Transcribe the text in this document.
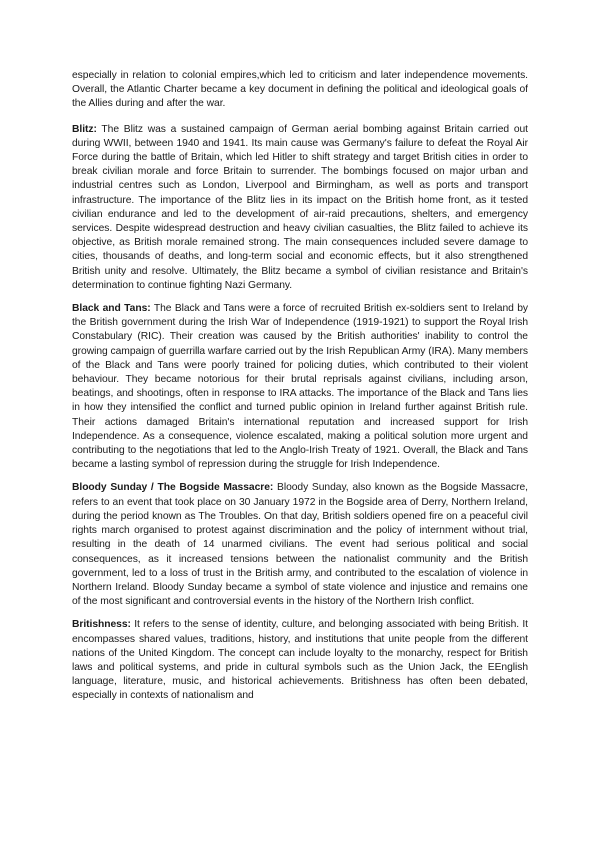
especially in relation to colonial empires,which led to criticism and later independence movements. Overall, the Atlantic Charter became a key document in defining the political and ideological goals of the Allies during and after the war.

Blitz: The Blitz was a sustained campaign of German aerial bombing against Britain carried out during WWII, between 1940 and 1941. Its main cause was Germany's failure to defeat the Royal Air Force during the battle of Britain, which led Hitler to shift strategy and target British cities in order to break civilian morale and force Britain to surrender. The bombings focused on major urban and industrial centres such as London, Liverpool and Birmingham, as well as ports and transport infrastructure. The importance of the Blitz lies in its impact on the British home front, as it tested civilian endurance and led to the development of air-raid precautions, shelters, and emergency services. Despite widespread destruction and heavy civilian casualties, the Blitz failed to achieve its objective, as British morale remained strong. The main consequences included severe damage to cities, thousands of deaths, and long-term social and economic effects, but it also strengthened British unity and resolve. Ultimately, the Blitz became a symbol of civilian resistance and Britain's determination to continue fighting Nazi Germany.

Black and Tans: The Black and Tans were a force of recruited British ex-soldiers sent to Ireland by the British government during the Irish War of Independence (1919-1921) to support the Royal Irish Constabulary (RIC). Their creation was caused by the British authorities' inability to control the growing campaign of guerrilla warfare carried out by the Irish Republican Army (IRA). Many members of the Black and Tans were poorly trained for policing duties, which contributed to their violent behaviour. They became notorious for their brutal reprisals against civilians, including arson, beatings, and shootings, often in response to IRA attacks. The importance of the Black and Tans lies in how they intensified the conflict and turned public opinion in Ireland further against British rule. Their actions damaged Britain's international reputation and increased support for Irish Independence. As a consequence, violence escalated, making a political solution more urgent and contributing to the negotiations that led to the Anglo-Irish Treaty of 1921. Overall, the Black and Tans became a lasting symbol of repression during the struggle for Irish Independence.

Bloody Sunday / The Bogside Massacre: Bloody Sunday, also known as the Bogside Massacre, refers to an event that took place on 30 January 1972 in the Bogside area of Derry, Northern Ireland, during the period known as The Troubles. On that day, British soldiers opened fire on a peaceful civil rights march organised to protest against discrimination and the policy of internment without trial, resulting in the death of 14 unarmed civilians. The event had serious political and social consequences, as it increased tensions between the nationalist community and the British government, led to a loss of trust in the British army, and contributed to the escalation of violence in Northern Ireland. Bloody Sunday became a symbol of state violence and injustice and remains one of the most significant and controversial events in the history of the Northern Irish conflict.

Britishness: It refers to the sense of identity, culture, and belonging associated with being British. It encompasses shared values, traditions, history, and institutions that unite people from the different nations of the United Kingdom. The concept can include loyalty to the monarchy, respect for British laws and political systems, and pride in cultural symbols such as the Union Jack, the EEnglish language, literature, music, and historical achievements. Britishness has often been debated, especially in contexts of nationalism and
